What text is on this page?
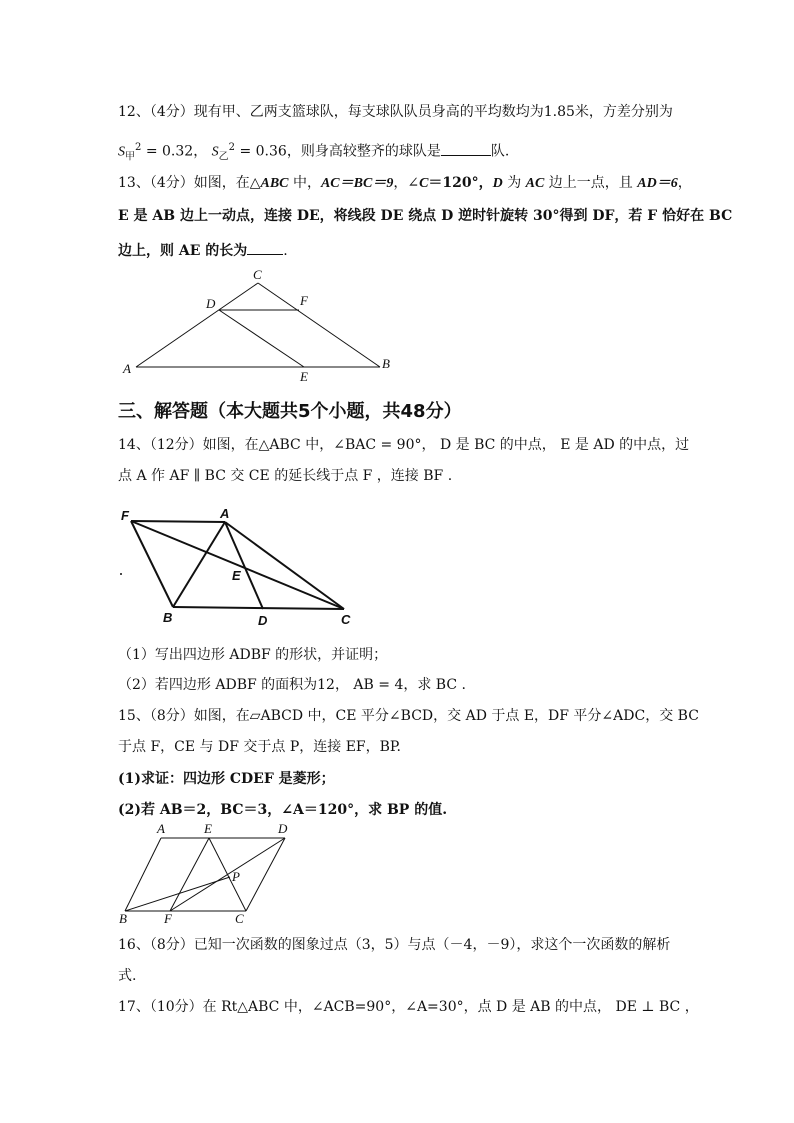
12、（4分）现有甲、乙两支篮球队，每支球队队员身高的平均数均为1.85米，方差分别为
$S_甲^2 = 0.32$， $S_乙^2 = 0.36$，则身高较整齐的球队是	队.
13、（4分）如图，在△ABC 中，AC＝BC＝9，∠C＝120°，D 为 AC 边上一点，且 AD＝6，
E 是 AB 边上一动点，连接 DE，将线段 DE 绕点 D 逆时针旋转 30°得到 DF，若 F 恰好在 BC
边上，则 AE 的长为	.
C
D	F
A
E
B
三、解答题（本大题共5个小题，共48分）
14、（12分）如图，在△ABC 中，∠BAC = 90°， D 是 BC 的中点， E 是 AD 的中点，过
点 A 作 AF ∥ BC 交 CE 的延长线于点 F ，连接 BF .
F	A
E
B	D	C
（1）写出四边形 ADBF 的形状，并证明；
（2）若四边形 ADBF 的面积为12， AB = 4，求 BC .
15、（8分）如图，在▱ABCD 中，CE 平分∠BCD，交 AD 于点 E，DF 平分∠ADC，交 BC
于点 F，CE 与 DF 交于点 P，连接 EF，BP.
(1)求证：四边形 CDEF 是菱形；
(2)若 AB＝2，BC＝3，∠A＝120°，求 BP 的值.
A	E	D
P
B	F	C
16、（8分）已知一次函数的图象过点（3，5）与点（－4，－9），求这个一次函数的解析
式.
17、（10分）在 Rt△ABC 中，∠ACB=90°，∠A=30°，点 D 是 AB 的中点， DE ⊥ BC ，
